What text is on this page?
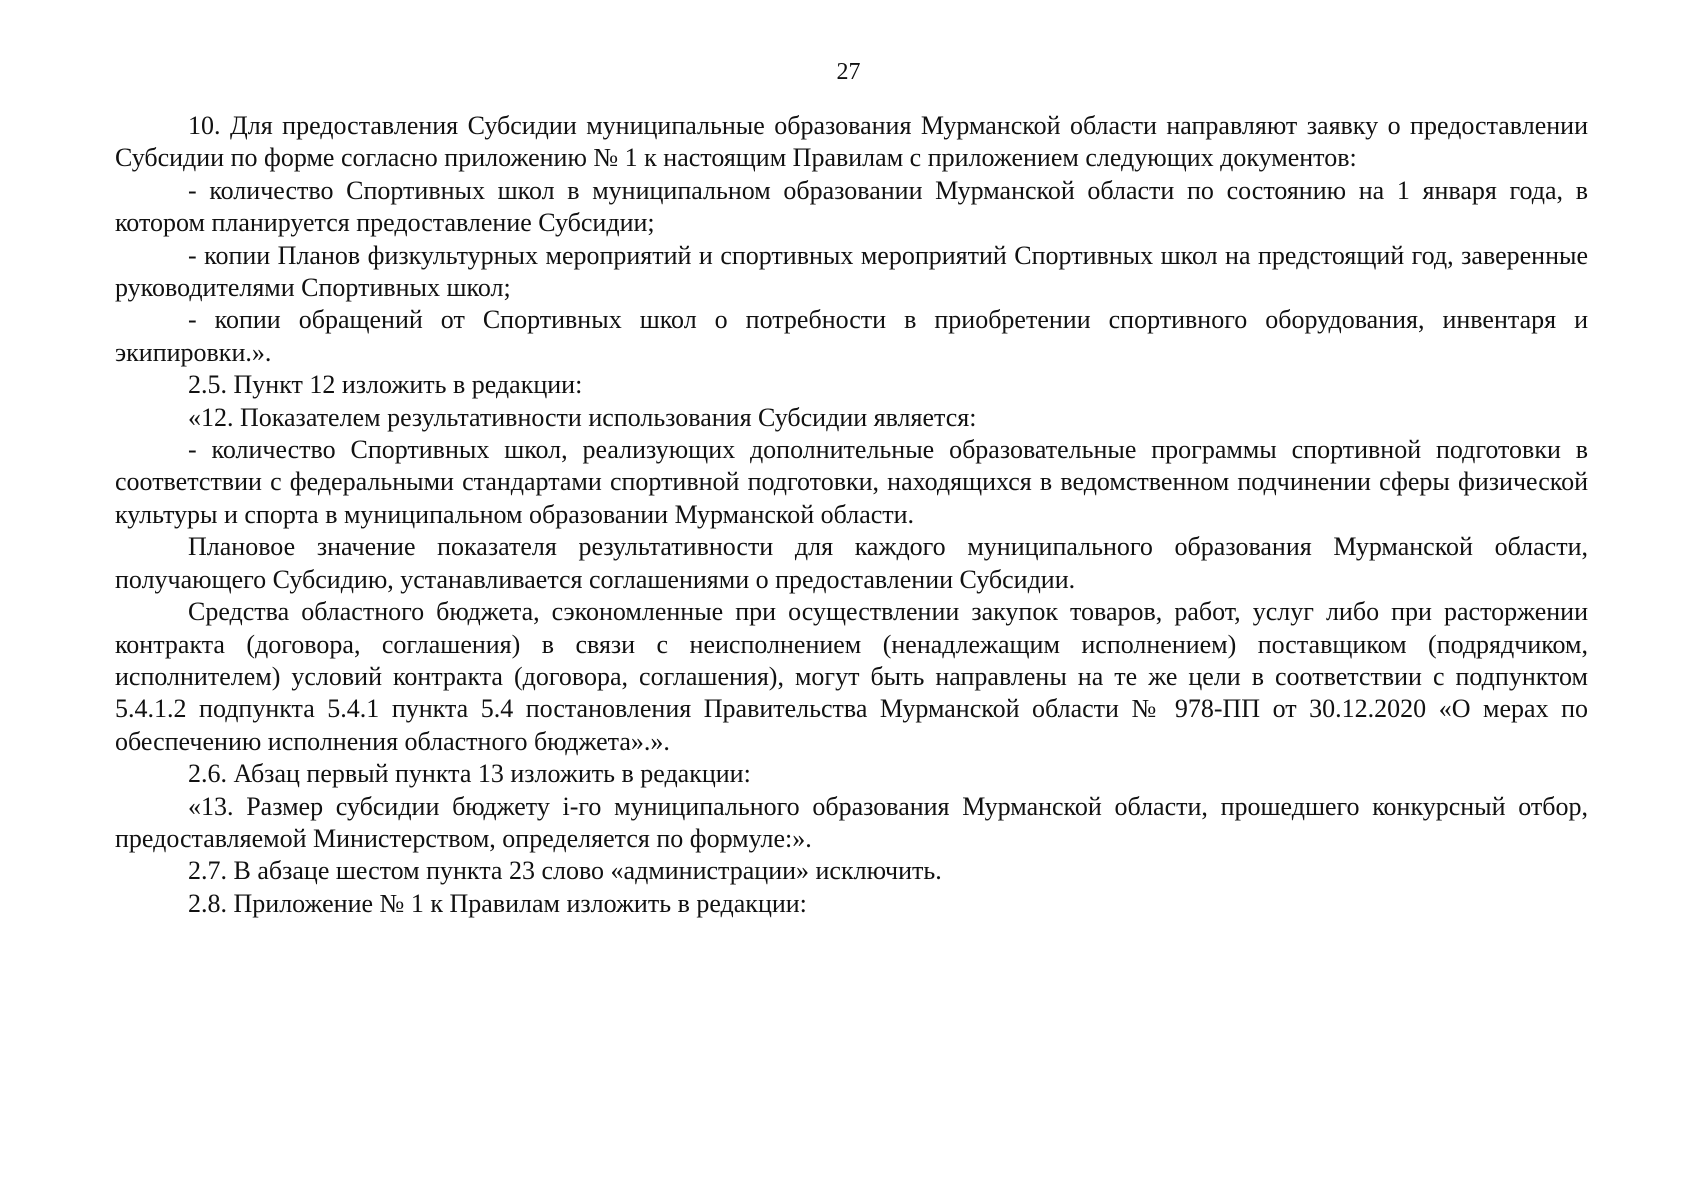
27

10. Для предоставления Субсидии муниципальные образования Мурманской области направляют заявку о предоставлении Субсидии по форме согласно приложению № 1 к настоящим Правилам с приложением следующих документов:

- количество Спортивных школ в муниципальном образовании Мурманской области по состоянию на 1 января года, в котором планируется предоставление Субсидии;

- копии Планов физкультурных мероприятий и спортивных мероприятий Спортивных школ на предстоящий год, заверенные руководителями Спортивных школ;

- копии обращений от Спортивных школ о потребности в приобретении спортивного оборудования, инвентаря и экипировки.».

2.5. Пункт 12 изложить в редакции:

«12. Показателем результативности использования Субсидии является:

- количество Спортивных школ, реализующих дополнительные образовательные программы спортивной подготовки в соответствии с федеральными стандартами спортивной подготовки, находящихся в ведомственном подчинении сферы физической культуры и спорта в муниципальном образовании Мурманской области.

Плановое значение показателя результативности для каждого муниципального образования Мурманской области, получающего Субсидию, устанавливается соглашениями о предоставлении Субсидии.

Средства областного бюджета, сэкономленные при осуществлении закупок товаров, работ, услуг либо при расторжении контракта (договора, соглашения) в связи с неисполнением (ненадлежащим исполнением) поставщиком (подрядчиком, исполнителем) условий контракта (договора, соглашения), могут быть направлены на те же цели в соответствии с подпунктом 5.4.1.2 подпункта 5.4.1 пункта 5.4 постановления Правительства Мурманской области № 978-ПП от 30.12.2020 «О мерах по обеспечению исполнения областного бюджета».».

2.6. Абзац первый пункта 13 изложить в редакции:

«13. Размер субсидии бюджету i-го муниципального образования Мурманской области, прошедшего конкурсный отбор, предоставляемой Министерством, определяется по формуле:».

2.7. В абзаце шестом пункта 23 слово «администрации» исключить.

2.8. Приложение № 1 к Правилам изложить в редакции:
